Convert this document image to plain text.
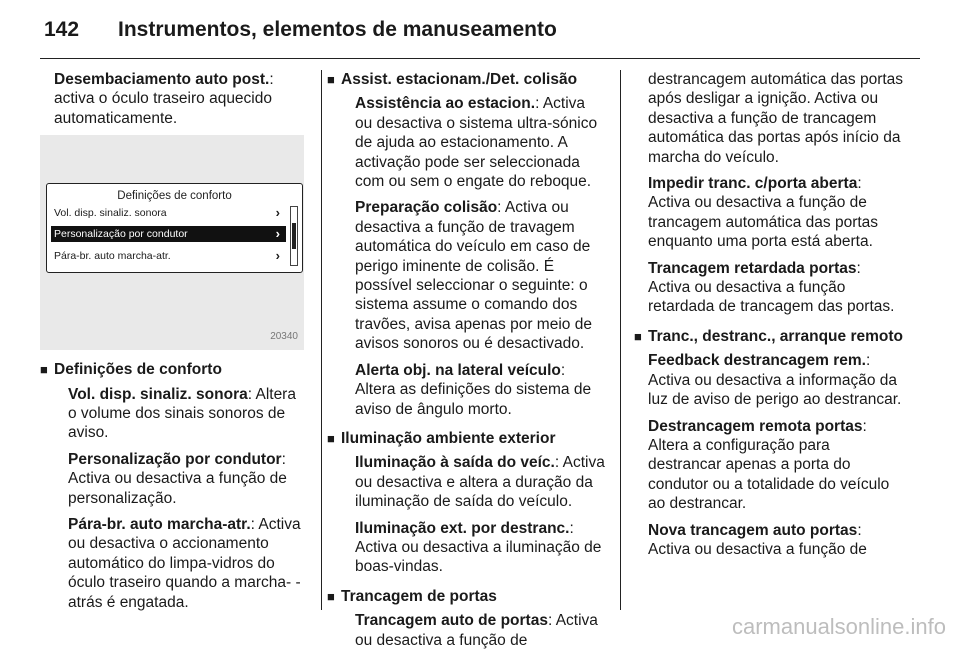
142 Instrumentos, elementos de manuseamento

Desembaciamento auto post.: activa o óculo traseiro aquecido automaticamente.

Definições de conforto
Vol. disp. sinaliz. sonora	›
Personalização por condutor	›
Pára-br. auto marcha-atr.	›
20340
■ Definições de conforto

Vol. disp. sinaliz. sonora: Altera o volume dos sinais sonoros de aviso.

Personalização por condutor: Activa ou desactiva a função de personalização.

Pára-br. auto marcha-atr.: Activa ou desactiva o accionamento automático do limpa-vidros do óculo traseiro quando a marcha- -atrás é engatada.

■ Assist. estacionam./Det. colisão

Assistência ao estacion.: Activa ou desactiva o sistema ultra-sónico de ajuda ao estacionamento. A activação pode ser seleccionada com ou sem o engate do reboque.

Preparação colisão: Activa ou desactiva a função de travagem automática do veículo em caso de perigo iminente de colisão. É possível seleccionar o seguinte: o sistema assume o comando dos travões, avisa apenas por meio de avisos sonoros ou é desactivado.

Alerta obj. na lateral veículo: Altera as definições do sistema de aviso de ângulo morto.

■ Iluminação ambiente exterior

Iluminação à saída do veíc.: Activa ou desactiva e altera a duração da iluminação de saída do veículo.

Iluminação ext. por destranc.: Activa ou desactiva a iluminação de boas-vindas.

■ Trancagem de portas

Trancagem auto de portas: Activa ou desactiva a função de

destrancagem automática das portas após desligar a ignição. Activa ou desactiva a função de trancagem automática das portas após início da marcha do veículo.

Impedir tranc. c/porta aberta: Activa ou desactiva a função de trancagem automática das portas enquanto uma porta está aberta.

Trancagem retardada portas: Activa ou desactiva a função retardada de trancagem das portas.

■ Tranc., destranc., arranque remoto

Feedback destrancagem rem.: Activa ou desactiva a informação da luz de aviso de perigo ao destrancar.

Destrancagem remota portas: Altera a configuração para destrancar apenas a porta do condutor ou a totalidade do veículo ao destrancar.

Nova trancagem auto portas: Activa ou desactiva a função de

carmanualsonline.info
